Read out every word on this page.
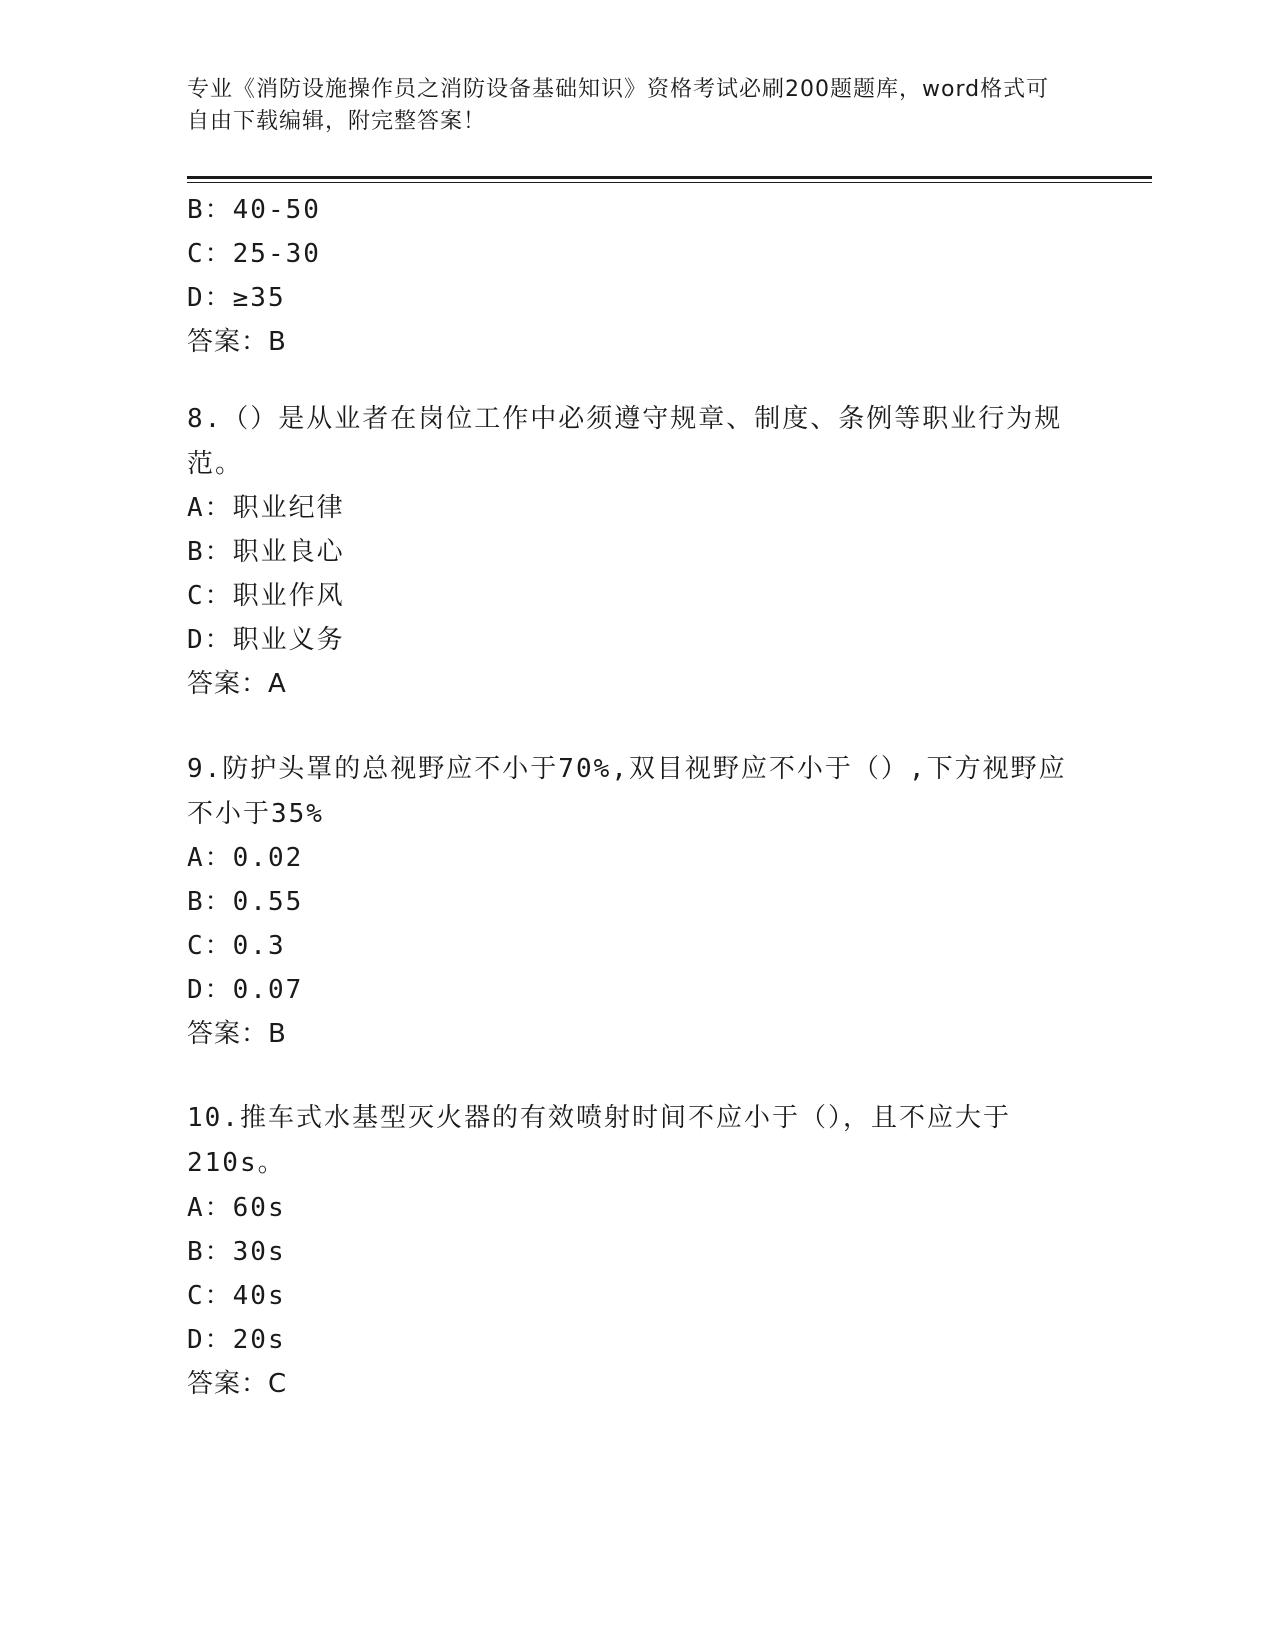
专业《消防设施操作员之消防设备基础知识》资格考试必刷200题题库，word格式可自由下载编辑，附完整答案！
B：40-50
C：25-30
D：≥35
答案：B
8.（）是从业者在岗位工作中必须遵守规章、制度、条例等职业行为规范。
A：职业纪律
B：职业良心
C：职业作风
D：职业义务
答案：A
9.防护头罩的总视野应不小于70%,双目视野应不小于（）,下方视野应不小于35%
A：0.02
B：0.55
C：0.3
D：0.07
答案：B
10.推车式水基型灭火器的有效喷射时间不应小于（），且不应大于210s。
A：60s
B：30s
C：40s
D：20s
答案：C
